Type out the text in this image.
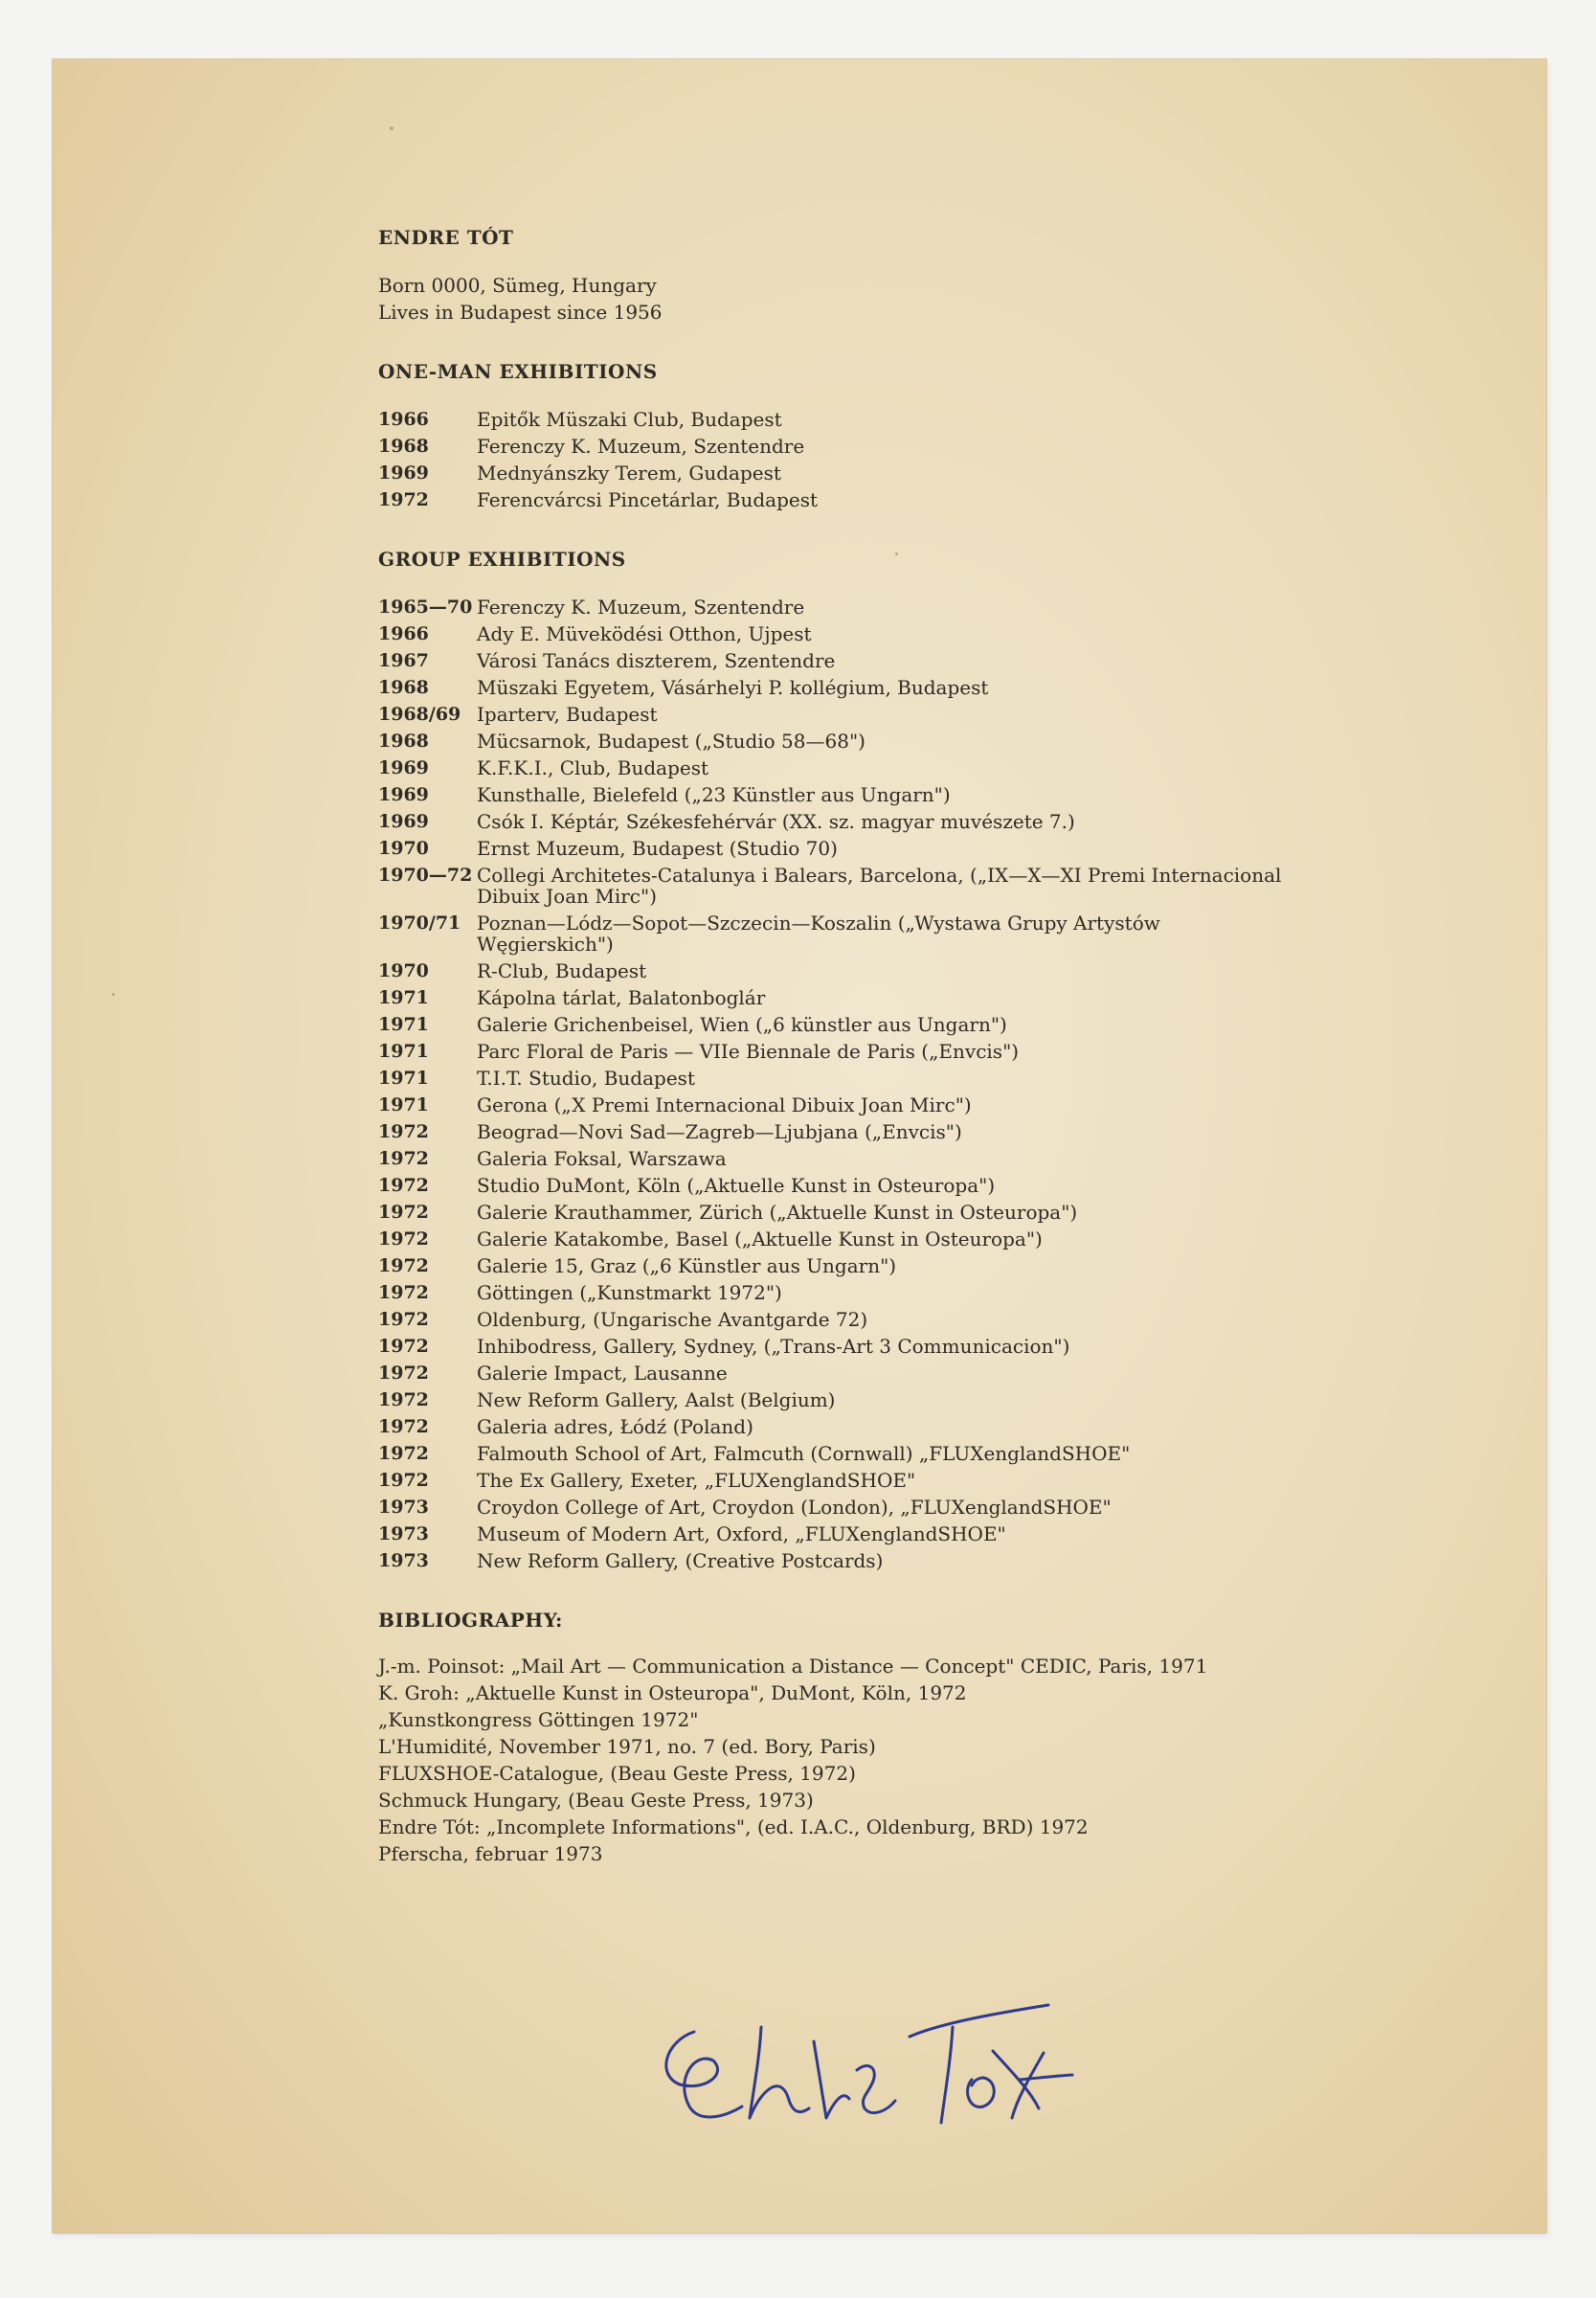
ENDRE TÓT

Born 0000, Sümeg, Hungary

Lives in Budapest since 1956

ONE-MAN EXHIBITIONS

1966	Epitők Müszaki Club, Budapest
1968	Ferenczy K. Muzeum, Szentendre
1969	Mednyánszky Terem, Gudapest
1972	Ferencvárcsi Pincetárlar, Budapest

GROUP EXHIBITIONS

1965—70 Ferenczy K. Muzeum, Szentendre
1966	Ady E. Müveködési Otthon, Ujpest
1967	Városi Tanács diszterem, Szentendre
1968	Müszaki Egyetem, Vásárhelyi P. kollégium, Budapest
1968/69 Iparterv, Budapest
1968	Mücsarnok, Budapest („Studio 58—68")
1969	K.F.K.I., Club, Budapest
1969	Kunsthalle, Bielefeld („23 Künstler aus Ungarn")
1969	Csók I. Képtár, Székesfehérvár (XX. sz. magyar muvészete 7.)
1970	Ernst Muzeum, Budapest (Studio 70)
1970—72 Collegi Architetes-Catalunya i Balears, Barcelona, („IX—X—XI Premi Internacional Dibuix Joan Mirc")
1970/71 Poznan—Lódz—Sopot—Szczecin—Koszalin („Wystawa Grupy Artystów Węgierskich")
1970	R-Club, Budapest
1971	Kápolna tárlat, Balatonboglár
1971	Galerie Grichenbeisel, Wien („6 künstler aus Ungarn")
1971	Parc Floral de Paris — VIIe Biennale de Paris („Envcis")
1971	T.I.T. Studio, Budapest
1971	Gerona („X Premi Internacional Dibuix Joan Mirc")
1972	Beograd—Novi Sad—Zagreb—Ljubjana („Envcis")
1972	Galeria Foksal, Warszawa
1972	Studio DuMont, Köln („Aktuelle Kunst in Osteuropa")
1972	Galerie Krauthammer, Zürich („Aktuelle Kunst in Osteuropa")
1972	Galerie Katakombe, Basel („Aktuelle Kunst in Osteuropa")
1972	Galerie 15, Graz („6 Künstler aus Ungarn")
1972	Göttingen („Kunstmarkt 1972")
1972	Oldenburg, (Ungarische Avantgarde 72)
1972	Inhibodress, Gallery, Sydney, („Trans-Art 3 Communicacion")
1972	Galerie Impact, Lausanne
1972	New Reform Gallery, Aalst (Belgium)
1972	Galeria adres, Łódź (Poland)
1972	Falmouth School of Art, Falmcuth (Cornwall) „FLUXenglandSHOE"
1972	The Ex Gallery, Exeter, „FLUXenglandSHOE"
1973	Croydon College of Art, Croydon (London), „FLUXenglandSHOE"
1973	Museum of Modern Art, Oxford, „FLUXenglandSHOE"
1973	New Reform Gallery, (Creative Postcards)

BIBLIOGRAPHY:

J.-m. Poinsot: „Mail Art — Communication a Distance — Concept" CEDIC, Paris, 1971
K. Groh: „Aktuelle Kunst in Osteuropa", DuMont, Köln, 1972
„Kunstkongress Göttingen 1972"
L'Humidité, November 1971, no. 7 (ed. Bory, Paris)
FLUXSHOE-Catalogue, (Beau Geste Press, 1972)
Schmuck Hungary, (Beau Geste Press, 1973)
Endre Tót: „Incomplete Informations", (ed. I.A.C., Oldenburg, BRD) 1972
Pferscha, februar 1973
